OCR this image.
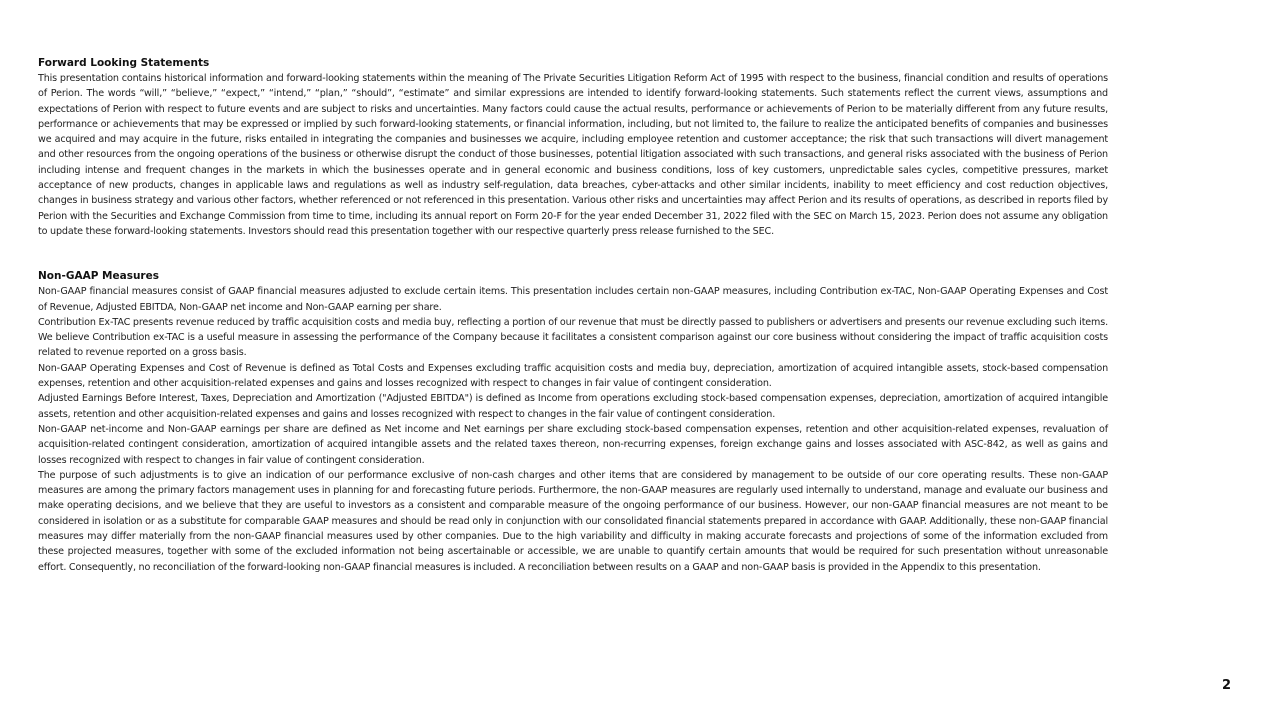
Forward Looking Statements

This presentation contains historical information and forward-looking statements within the meaning of The Private Securities Litigation Reform Act of 1995 with respect to the business, financial condition and results of operations of Perion. The words “will,” “believe,” “expect,” “intend,” “plan,” “should”, “estimate” and similar expressions are intended to identify forward-looking statements. Such statements reflect the current views, assumptions and expectations of Perion with respect to future events and are subject to risks and uncertainties. Many factors could cause the actual results, performance or achievements of Perion to be materially different from any future results, performance or achievements that may be expressed or implied by such forward-looking statements, or financial information, including, but not limited to, the failure to realize the anticipated benefits of companies and businesses we acquired and may acquire in the future, risks entailed in integrating the companies and businesses we acquire, including employee retention and customer acceptance; the risk that such transactions will divert management and other resources from the ongoing operations of the business or otherwise disrupt the conduct of those businesses, potential litigation associated with such transactions, and general risks associated with the business of Perion including intense and frequent changes in the markets in which the businesses operate and in general economic and business conditions, loss of key customers, unpredictable sales cycles, competitive pressures, market acceptance of new products, changes in applicable laws and regulations as well as industry self-regulation, data breaches, cyber-attacks and other similar incidents, inability to meet efficiency and cost reduction objectives, changes in business strategy and various other factors, whether referenced or not referenced in this presentation. Various other risks and uncertainties may affect Perion and its results of operations, as described in reports filed by Perion with the Securities and Exchange Commission from time to time, including its annual report on Form 20-F for the year ended December 31, 2022 filed with the SEC on March 15, 2023. Perion does not assume any obligation to update these forward-looking statements. Investors should read this presentation together with our respective quarterly press release furnished to the SEC.

Non-GAAP Measures

Non-GAAP financial measures consist of GAAP financial measures adjusted to exclude certain items. This presentation includes certain non-GAAP measures, including Contribution ex-TAC, Non-GAAP Operating Expenses and Cost of Revenue, Adjusted EBITDA, Non-GAAP net income and Non-GAAP earning per share.

Contribution Ex-TAC presents revenue reduced by traffic acquisition costs and media buy, reflecting a portion of our revenue that must be directly passed to publishers or advertisers and presents our revenue excluding such items. We believe Contribution ex-TAC is a useful measure in assessing the performance of the Company because it facilitates a consistent comparison against our core business without considering the impact of traffic acquisition costs related to revenue reported on a gross basis.

Non-GAAP Operating Expenses and Cost of Revenue is defined as Total Costs and Expenses excluding traffic acquisition costs and media buy, depreciation, amortization of acquired intangible assets, stock-based compensation expenses, retention and other acquisition-related expenses and gains and losses recognized with respect to changes in fair value of contingent consideration.

Adjusted Earnings Before Interest, Taxes, Depreciation and Amortization ("Adjusted EBITDA") is defined as Income from operations excluding stock-based compensation expenses, depreciation, amortization of acquired intangible assets, retention and other acquisition-related expenses and gains and losses recognized with respect to changes in the fair value of contingent consideration.

Non-GAAP net-income and Non-GAAP earnings per share are defined as Net income and Net earnings per share excluding stock-based compensation expenses, retention and other acquisition-related expenses, revaluation of acquisition-related contingent consideration, amortization of acquired intangible assets and the related taxes thereon, non-recurring expenses, foreign exchange gains and losses associated with ASC-842, as well as gains and losses recognized with respect to changes in fair value of contingent consideration.

The purpose of such adjustments is to give an indication of our performance exclusive of non-cash charges and other items that are considered by management to be outside of our core operating results. These non-GAAP measures are among the primary factors management uses in planning for and forecasting future periods. Furthermore, the non-GAAP measures are regularly used internally to understand, manage and evaluate our business and make operating decisions, and we believe that they are useful to investors as a consistent and comparable measure of the ongoing performance of our business. However, our non-GAAP financial measures are not meant to be considered in isolation or as a substitute for comparable GAAP measures and should be read only in conjunction with our consolidated financial statements prepared in accordance with GAAP. Additionally, these non-GAAP financial measures may differ materially from the non-GAAP financial measures used by other companies. Due to the high variability and difficulty in making accurate forecasts and projections of some of the information excluded from these projected measures, together with some of the excluded information not being ascertainable or accessible, we are unable to quantify certain amounts that would be required for such presentation without unreasonable effort. Consequently, no reconciliation of the forward-looking non-GAAP financial measures is included. A reconciliation between results on a GAAP and non-GAAP basis is provided in the Appendix to this presentation.

2
